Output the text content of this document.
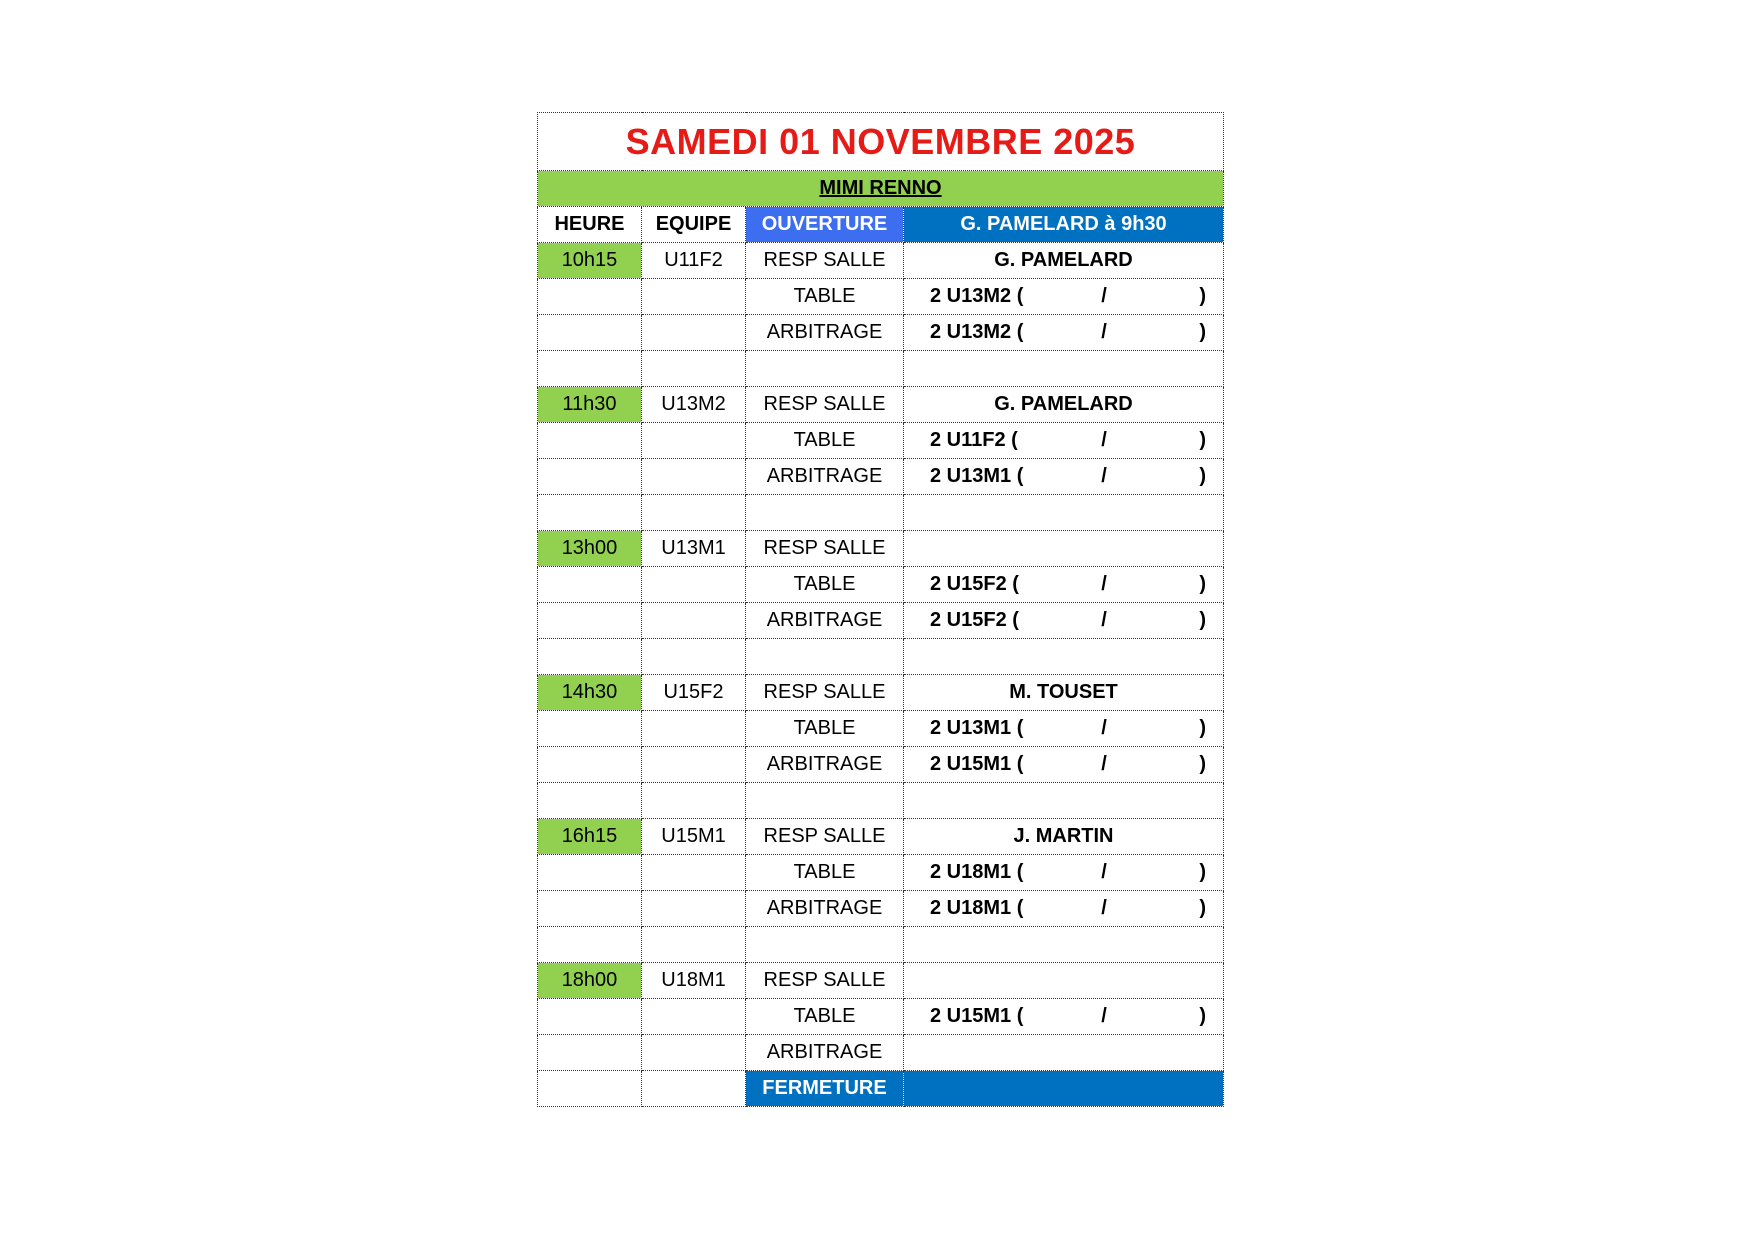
SAMEDI 01 NOVEMBRE 2025			
MIMI RENNO			
HEURE	EQUIPE	OUVERTURE	G. PAMELARD à 9h30
10h15	U11F2	RESP SALLE	G. PAMELARD
		TABLE	2 U13M2 ( / )

		ARBITRAGE	2 U13M2 ( / )

11h30	U13M2	RESP SALLE	G. PAMELARD
		TABLE	2 U11F2 ( / )

		ARBITRAGE	2 U13M1 ( / )

13h00	U13M1	RESP SALLE	
		TABLE	2 U15F2 ( / )

		ARBITRAGE	2 U15F2 ( / )

14h30	U15F2	RESP SALLE	M. TOUSET
		TABLE	2 U13M1 ( / )

		ARBITRAGE	2 U15M1 ( / )

16h15	U15M1	RESP SALLE	J. MARTIN
		TABLE	2 U18M1 ( / )

		ARBITRAGE	2 U18M1 ( / )

18h00	U18M1	RESP SALLE	
		TABLE	2 U15M1 ( / )

		ARBITRAGE	
		FERMETURE	
